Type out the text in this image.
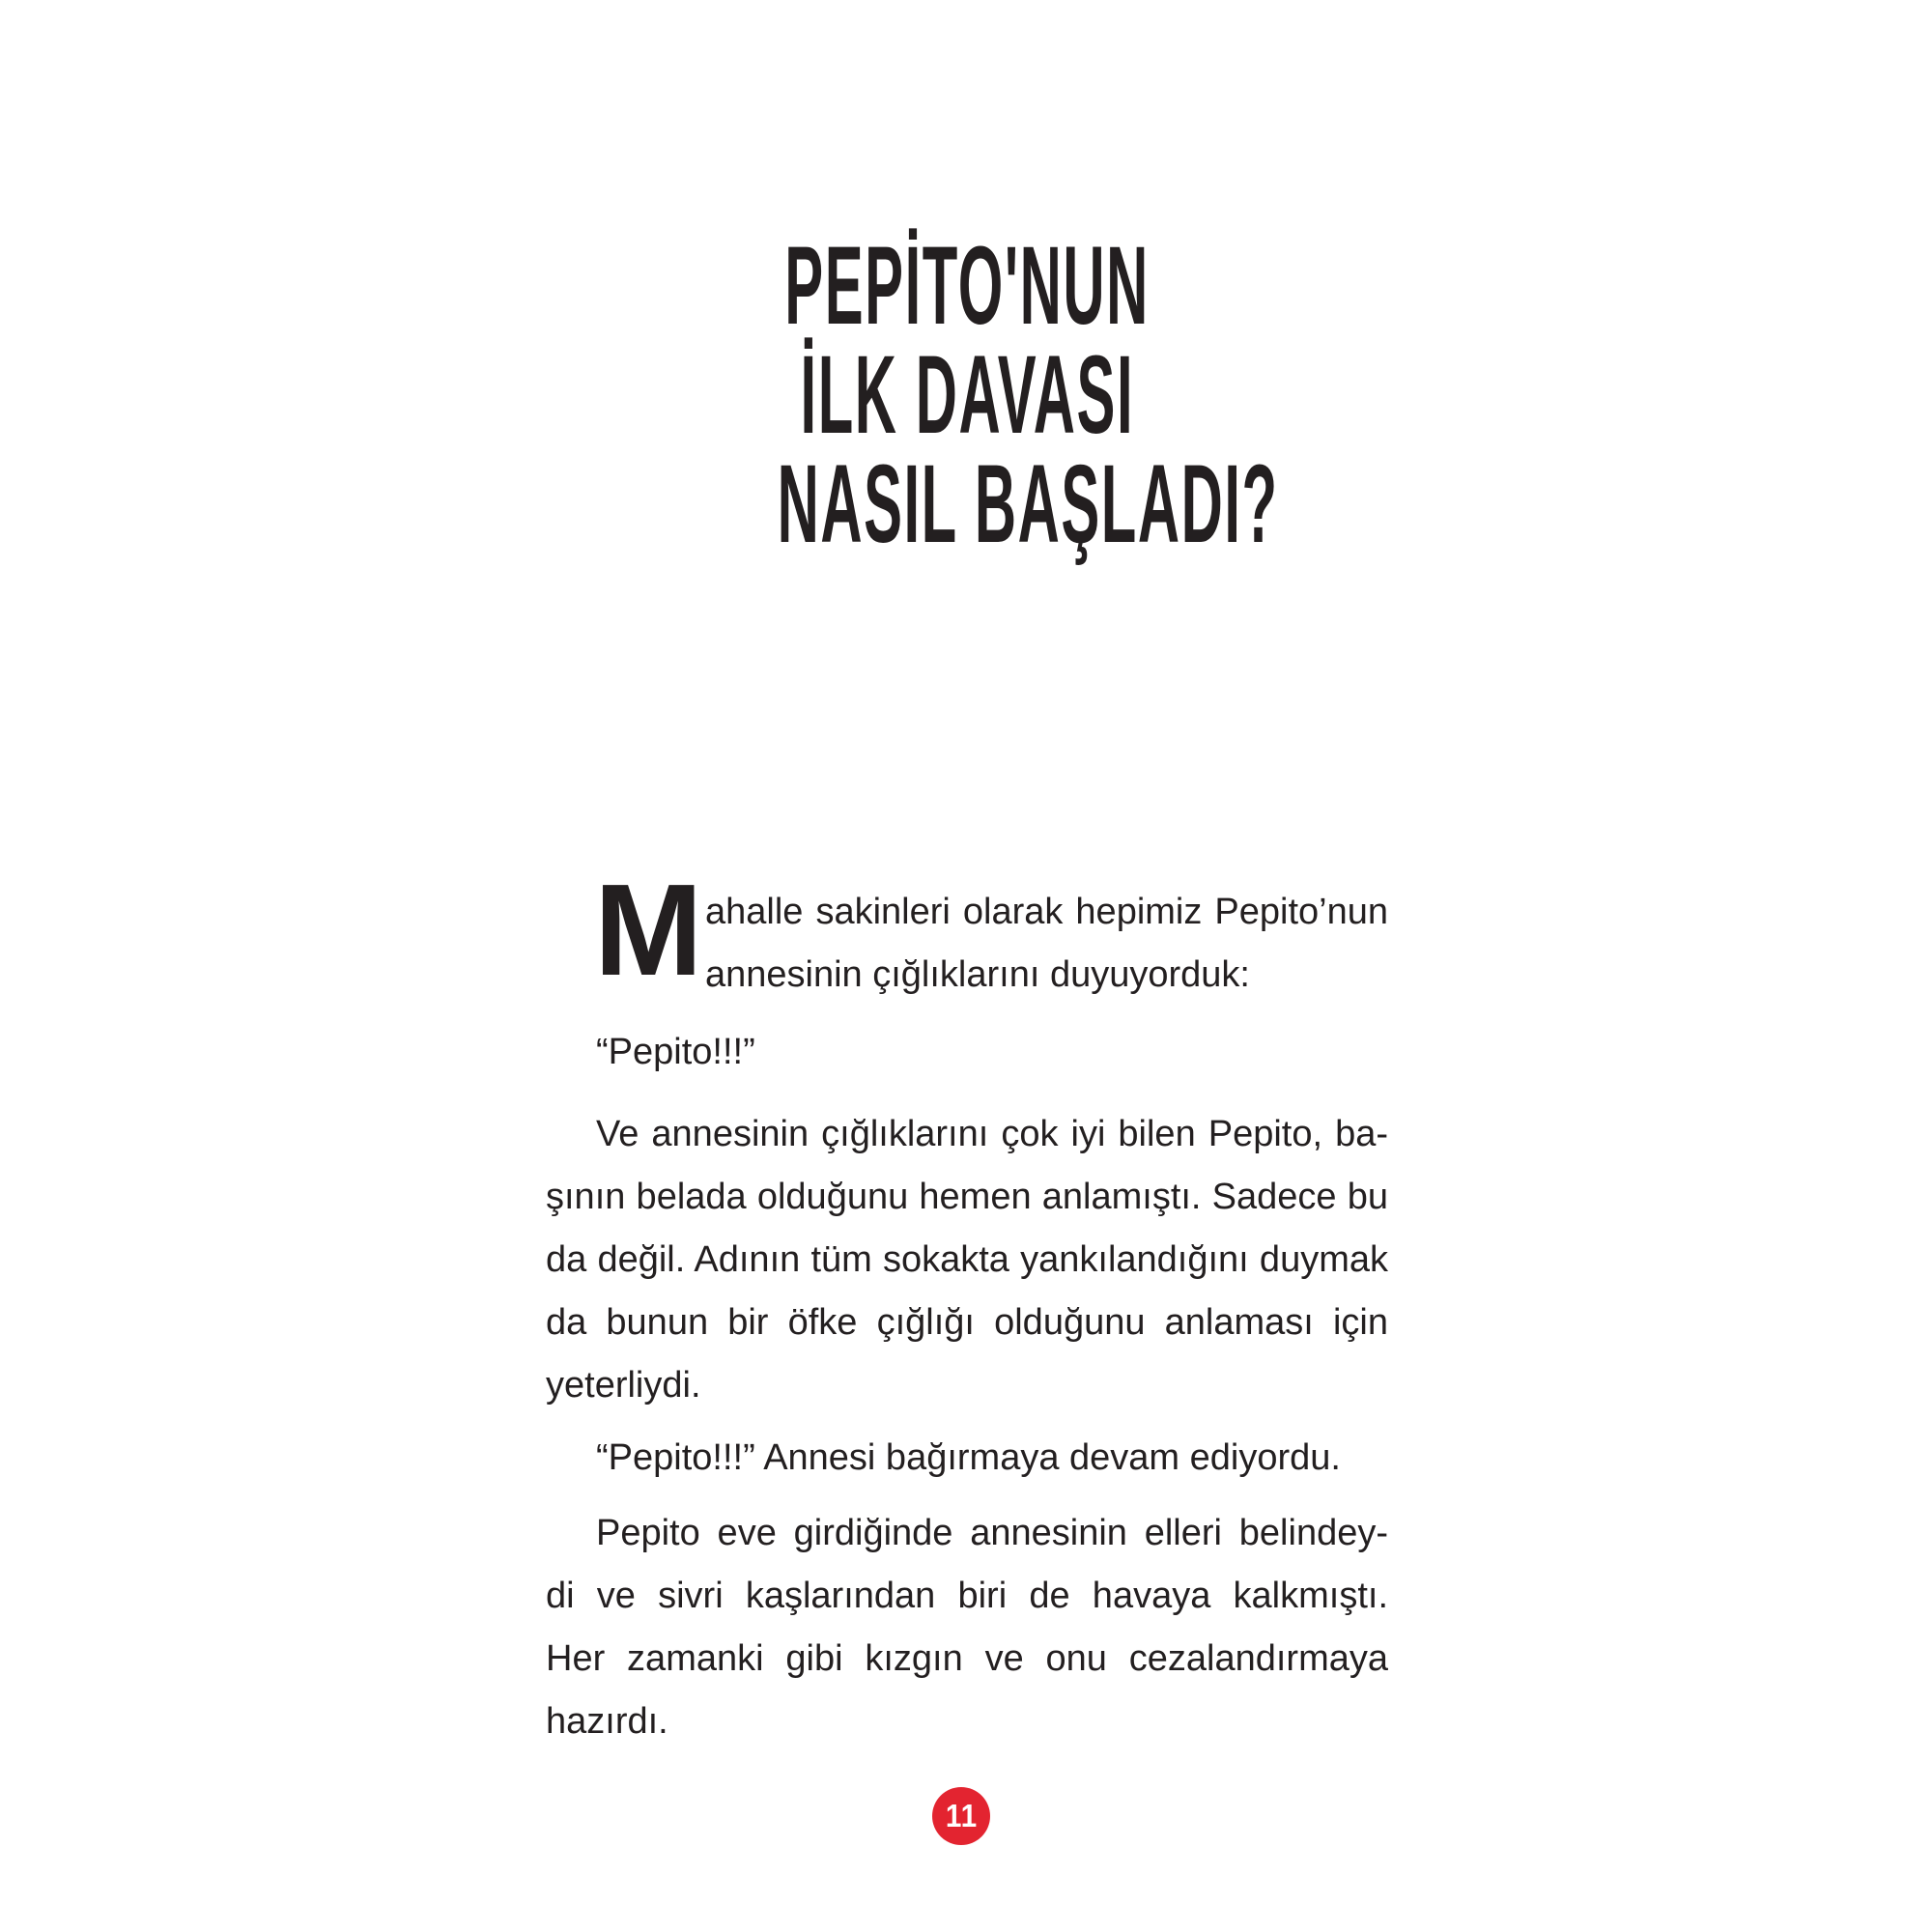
PEPİTO'NUN
İLK DAVASI
NASIL BAŞLADI?
M ahalle sakinleri olarak hepimiz Pepito’nun
annesinin çığlıklarını duyuyorduk:
“Pepito!!!”
Ve annesinin çığlıklarını çok iyi bilen Pepito, ba-
şının belada olduğunu hemen anlamıştı. Sadece bu
da değil. Adının tüm sokakta yankılandığını duymak
da bunun bir öfke çığlığı olduğunu anlaması için
yeterliydi.
“Pepito!!!” Annesi bağırmaya devam ediyordu.
Pepito eve girdiğinde annesinin elleri belindey-
di ve sivri kaşlarından biri de havaya kalkmıştı.
Her zamanki gibi kızgın ve onu cezalandırmaya
hazırdı.
11
